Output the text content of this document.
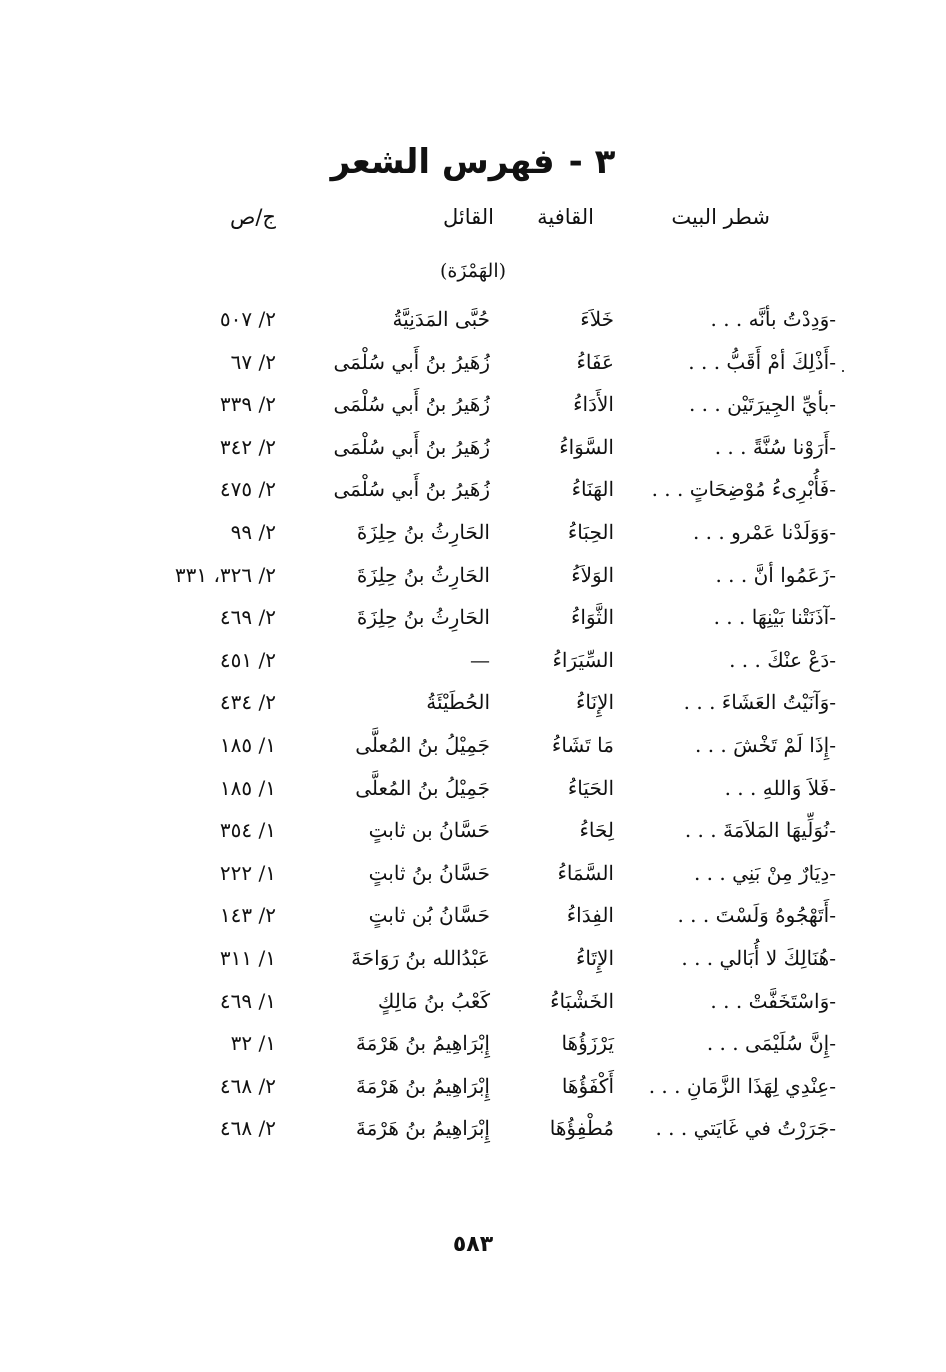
٣ -فهرس الشعر
شطر البيت
القافية
القائل
ج/ص
(الهَمْزَة)
-وَدِدْتُ بأنَّه . . .
خَلاَءَ
حُبَّى المَدَنِيَّةُ
٢/ ٥٠٧
-أَذْلِكَ أمْ أَقَبُّ . . .
عَفَاءُ
زُهَيرُ بنُ أَبي سُلْمَى
٢/ ٦٧
-بأيِّ الجِيرَتَيْن . . .
الأَدَاءُ
زُهَيرُ بنُ أَبي سُلْمَى
٢/ ٣٣٩
-أَرَوْنا سُنَّةً . . .
السَّوَاءُ
زُهَيرُ بنُ أَبي سُلْمَى
٢/ ٣٤٢
-فَأُبْرِىءُ مُوْضِحَاتٍ . . .
الهَنَاءُ
زُهَيرُ بنُ أَبي سُلْمَى
٢/ ٤٧٥
-وَوَلَدْنا عَمْرو . . .
الحِبَاءُ
الحَارِثُ بنُ حِلِزَةَ
٢/ ٩٩
-زَعَمُوا أنَّ . . .
الوَلاَءُ
الحَارِثُ بنُ حِلِزَةَ
٢/ ٣٢٦، ٣٣١
-آذَنَتْنا بَيْنِهَا . . .
الثَّوَاءُ
الحَارِثُ بنُ حِلِزَةَ
٢/ ٤٦٩
-دَعْ عنْكَ . . .
السِّيَرَاءُ
—
٢/ ٤٥١
-وَآنَيْتُ العَشَاءَ . . .
الإِنَاءُ
الحُطَيْئَةُ
٢/ ٤٣٤
-إِذَا لَمْ تَخْشَ . . .
مَا تَشَاءُ
جَمِيْلُ بنُ المُعلَّى
١/ ١٨٥
-فَلاَ وَاللهِ . . .
الحَيَاءُ
جَمِيْلُ بنُ المُعلَّى
١/ ١٨٥
-نُوَلِّيهَا المَلاَمَةَ . . .
لِحَاءُ
حَسَّانُ بن ثابتٍ
١/ ٣٥٤
-دِيَارٌ مِنْ بَنِي . . .
السَّمَاءُ
حَسَّانُ بنُ ثابتٍ
١/ ٢٢٢
-أَتَهْجُوهُ وَلَسْتَ . . .
الفِدَاءُ
حَسَّانُ بُن ثابتٍ
٢/ ١٤٣
-هُنَالِكَ لا أُبَالي . . .
الإِتَاءُ
عَبْدُالله بنُ رَوَاحَةَ
١/ ٣١١
-وَاسْتَخَفَّتْ . . .
الخَشْبَاءُ
كَعْبُ بنُ مَالِكٍ
١/ ٤٦٩
-إِنَّ سُلَيْمَى . . .
يَرْزَؤُهَا
إِبْرَاهِيمُ بنُ هَرْمَةَ
١/ ٣٢
-عِنْدِي لِهَذَا الزَّمَانِ . . .
أَكْفَؤُهَا
إِبْرَاهِيمُ بنُ هَرْمَةَ
٢/ ٤٦٨
-جَرَرْتُ في غَايَتي . . .
مُطْفِؤُهَا
إِبْرَاهِيمُ بنُ هَرْمَةَ
٢/ ٤٦٨
٥٨٣
